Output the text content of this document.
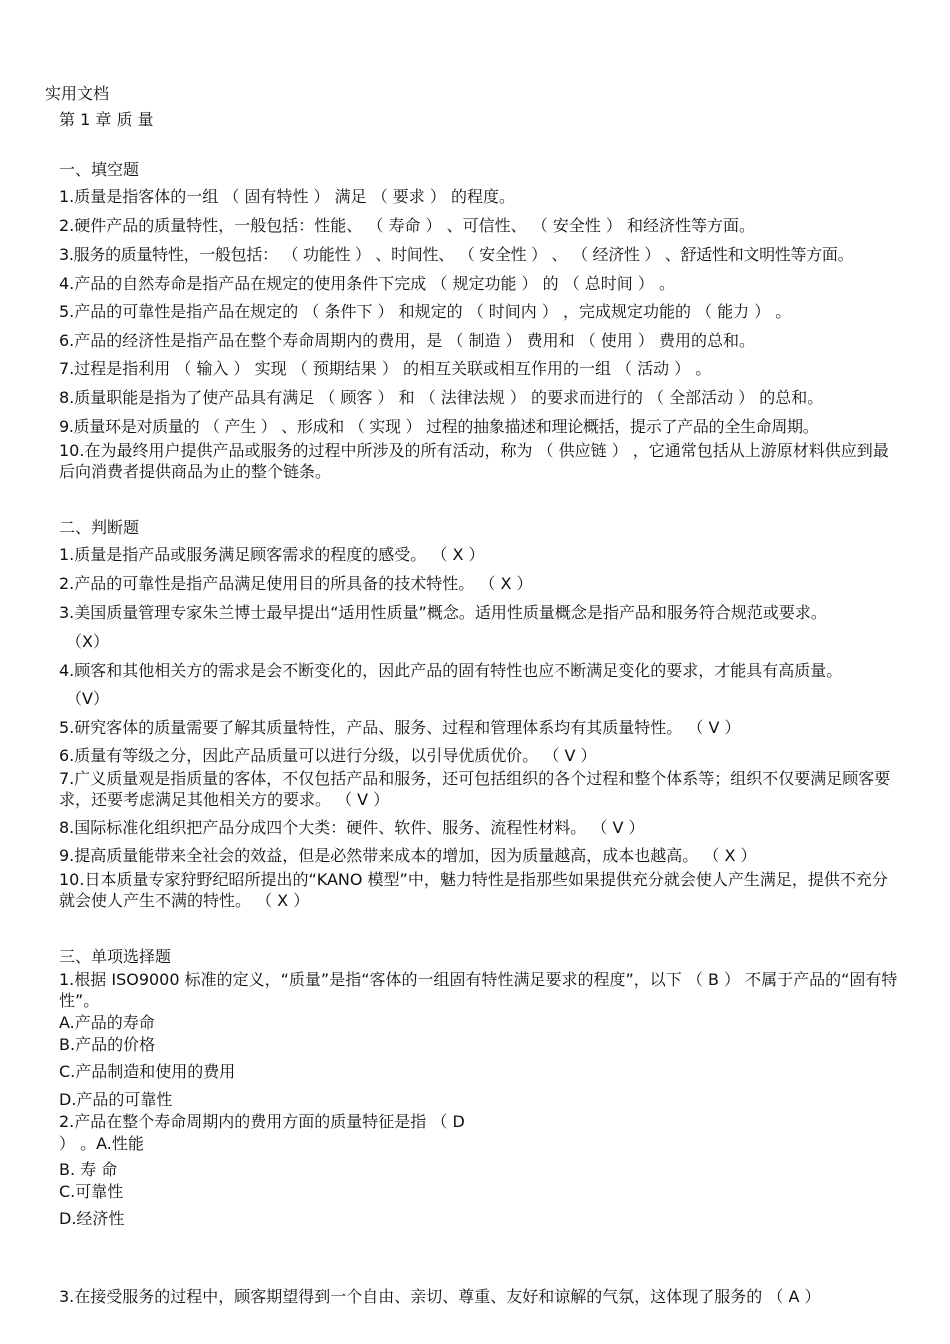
实用文档
第 1 章 质 量
一、填空题
1.质量是指客体的一组 （ 固有特性 ） 满足 （ 要求 ） 的程度。
2.硬件产品的质量特性，一般包括：性能、 （ 寿命 ） 、可信性、 （ 安全性 ） 和经济性等方面。
3.服务的质量特性，一般包括： （ 功能性 ） 、时间性、 （ 安全性 ） 、 （ 经济性 ） 、舒适性和文明性等方面。
4.产品的自然寿命是指产品在规定的使用条件下完成 （ 规定功能 ） 的 （ 总时间 ） 。
5.产品的可靠性是指产品在规定的 （ 条件下 ） 和规定的 （ 时间内 ） ，完成规定功能的 （ 能力 ） 。
6.产品的经济性是指产品在整个寿命周期内的费用，是 （ 制造 ） 费用和 （ 使用 ） 费用的总和。
7.过程是指利用 （ 输入 ） 实现 （ 预期结果 ） 的相互关联或相互作用的一组 （ 活动 ） 。
8.质量职能是指为了使产品具有满足 （ 顾客 ） 和 （ 法律法规 ） 的要求而进行的 （ 全部活动 ） 的总和。
9.质量环是对质量的 （ 产生 ） 、形成和 （ 实现 ） 过程的抽象描述和理论概括，提示了产品的全生命周期。
10.在为最终用户提供产品或服务的过程中所涉及的所有活动，称为 （ 供应链 ） ，它通常包括从上游原材料供应到最后向消费者提供商品为止的整个链条。
二、判断题
1.质量是指产品或服务满足顾客需求的程度的感受。 （ X ）
2.产品的可靠性是指产品满足使用目的所具备的技术特性。 （ X ）
3.美国质量管理专家朱兰博士最早提出“适用性质量”概念。适用性质量概念是指产品和服务符合规范或要求。
（X）
4.顾客和其他相关方的需求是会不断变化的，因此产品的固有特性也应不断满足变化的要求，才能具有高质量。
（V）
5.研究客体的质量需要了解其质量特性，产品、服务、过程和管理体系均有其质量特性。 （ V ）
6.质量有等级之分，因此产品质量可以进行分级，以引导优质优价。 （ V ）
7.广义质量观是指质量的客体，不仅包括产品和服务，还可包括组织的各个过程和整个体系等；组织不仅要满足顾客要求，还要考虑满足其他相关方的要求。 （ V ）
8.国际标准化组织把产品分成四个大类：硬件、软件、服务、流程性材料。 （ V ）
9.提高质量能带来全社会的效益，但是必然带来成本的增加，因为质量越高，成本也越高。 （ X ）
10.日本质量专家狩野纪昭所提出的“KANO 模型”中，魅力特性是指那些如果提供充分就会使人产生满足，提供不充分就会使人产生不满的特性。 （ X ）
三、单项选择题
1.根据 ISO9000 标准的定义，“质量”是指“客体的一组固有特性满足要求的程度”，以下 （ B ） 不属于产品的“固有特性”。
A.产品的寿命
B.产品的价格
C.产品制造和使用的费用
D.产品的可靠性
2.产品在整个寿命周期内的费用方面的质量特征是指 （ D
） 。A.性能
B. 寿 命
C.可靠性
D.经济性
3.在接受服务的过程中，顾客期望得到一个自由、亲切、尊重、友好和谅解的气氛，这体现了服务的 （ A ）
